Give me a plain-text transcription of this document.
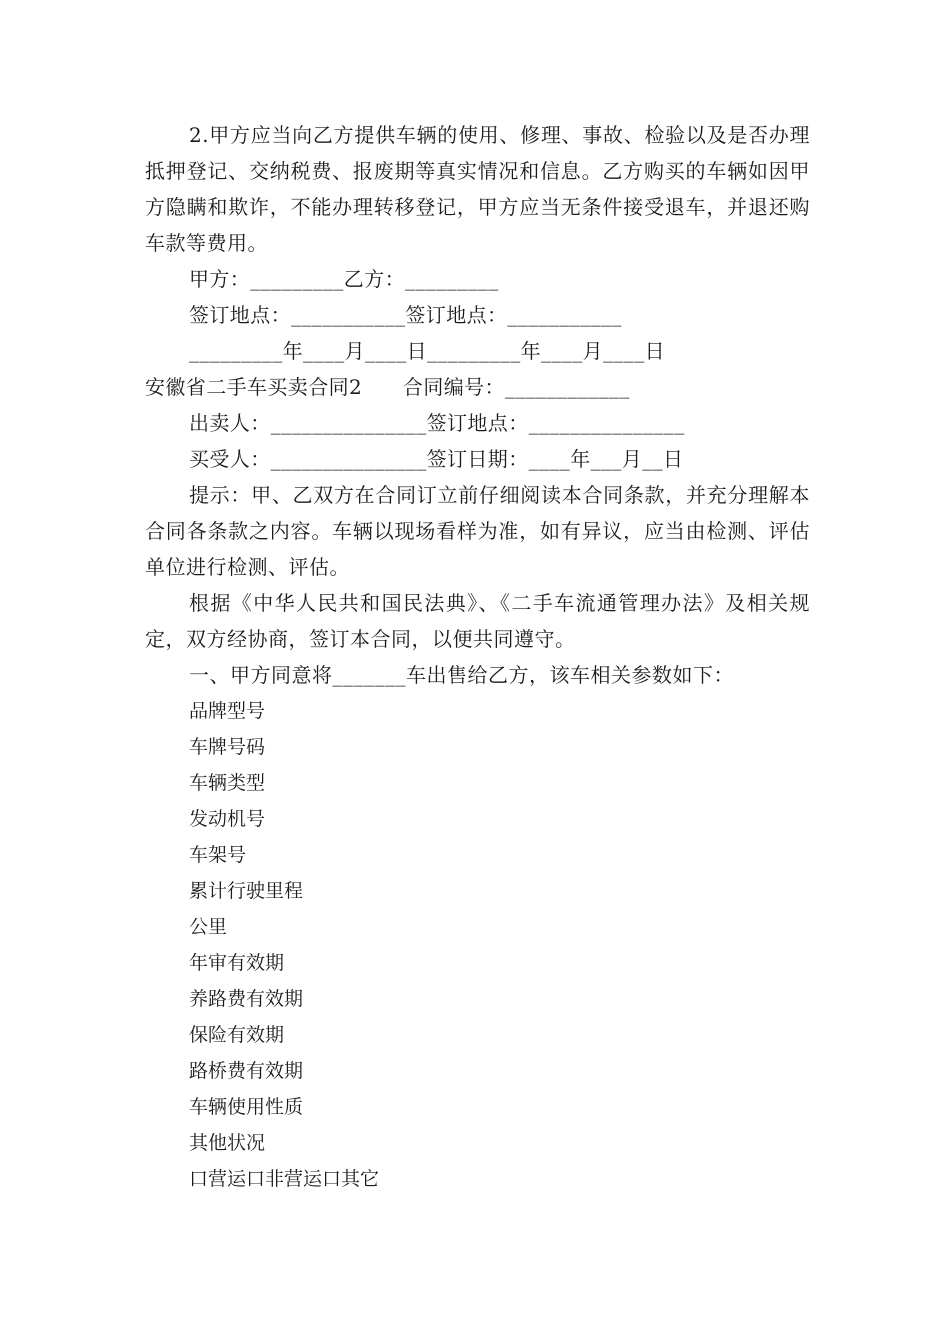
2.甲方应当向乙方提供车辆的使用、修理、事故、检验以及是否办理抵押登记、交纳税费、报废期等真实情况和信息。乙方购买的车辆如因甲方隐瞒和欺诈，不能办理转移登记，甲方应当无条件接受退车，并退还购车款等费用。

甲方：_________乙方：_________

签订地点：___________签订地点：___________

_________年____月____日_________年____月____日

安徽省二手车买卖合同2　　合同编号：____________

出卖人：_______________签订地点：_______________

买受人：_______________签订日期：____年___月__日

提示：甲、乙双方在合同订立前仔细阅读本合同条款，并充分理解本合同各条款之内容。车辆以现场看样为准，如有异议，应当由检测、评估单位进行检测、评估。

根据《中华人民共和国民法典》、《二手车流通管理办法》及相关规定，双方经协商，签订本合同，以便共同遵守。

一、甲方同意将_______车出售给乙方，该车相关参数如下：

品牌型号

车牌号码

车辆类型

发动机号

车架号

累计行驶里程

公里

年审有效期

养路费有效期

保险有效期

路桥费有效期

车辆使用性质

其他状况

口营运口非营运口其它
